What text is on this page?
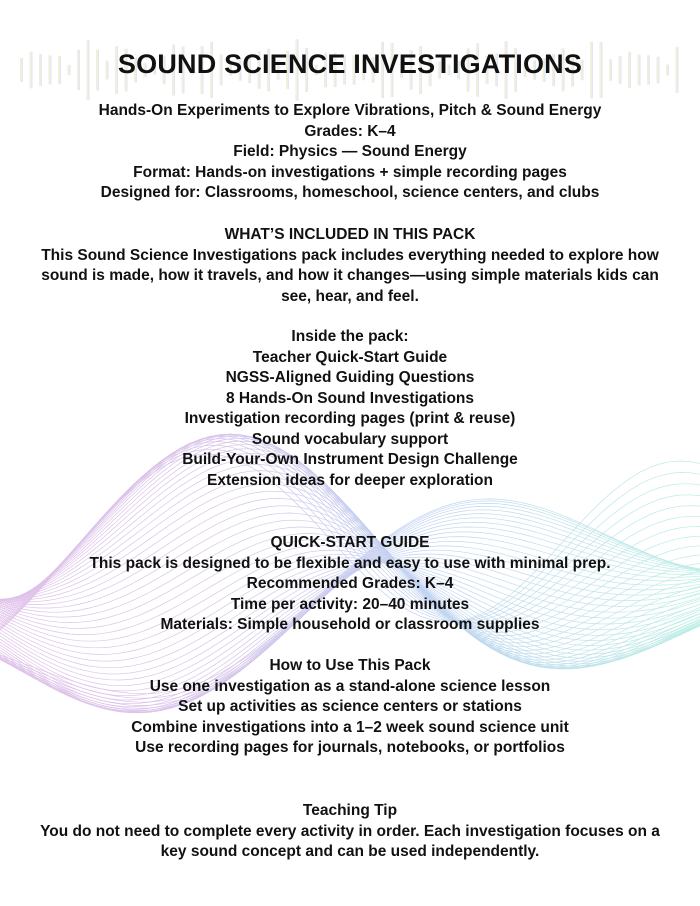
SOUND SCIENCE INVESTIGATIONS
Hands-On Experiments to Explore Vibrations, Pitch & Sound Energy
Grades: K–4
Field: Physics — Sound Energy
Format: Hands-on investigations + simple recording pages
Designed for: Classrooms, homeschool, science centers, and clubs
WHAT’S INCLUDED IN THIS PACK
This Sound Science Investigations pack includes everything needed to explore how sound is made, how it travels, and how it changes—using simple materials kids can see, hear, and feel.
Inside the pack:
Teacher Quick-Start Guide
NGSS-Aligned Guiding Questions
8 Hands-On Sound Investigations
Investigation recording pages (print & reuse)
Sound vocabulary support
Build-Your-Own Instrument Design Challenge
Extension ideas for deeper exploration
QUICK-START GUIDE
This pack is designed to be flexible and easy to use with minimal prep.
Recommended Grades: K–4
Time per activity: 20–40 minutes
Materials: Simple household or classroom supplies
How to Use This Pack
Use one investigation as a stand-alone science lesson
Set up activities as science centers or stations
Combine investigations into a 1–2 week sound science unit
Use recording pages for journals, notebooks, or portfolios
Teaching Tip
You do not need to complete every activity in order. Each investigation focuses on a key sound concept and can be used independently.
